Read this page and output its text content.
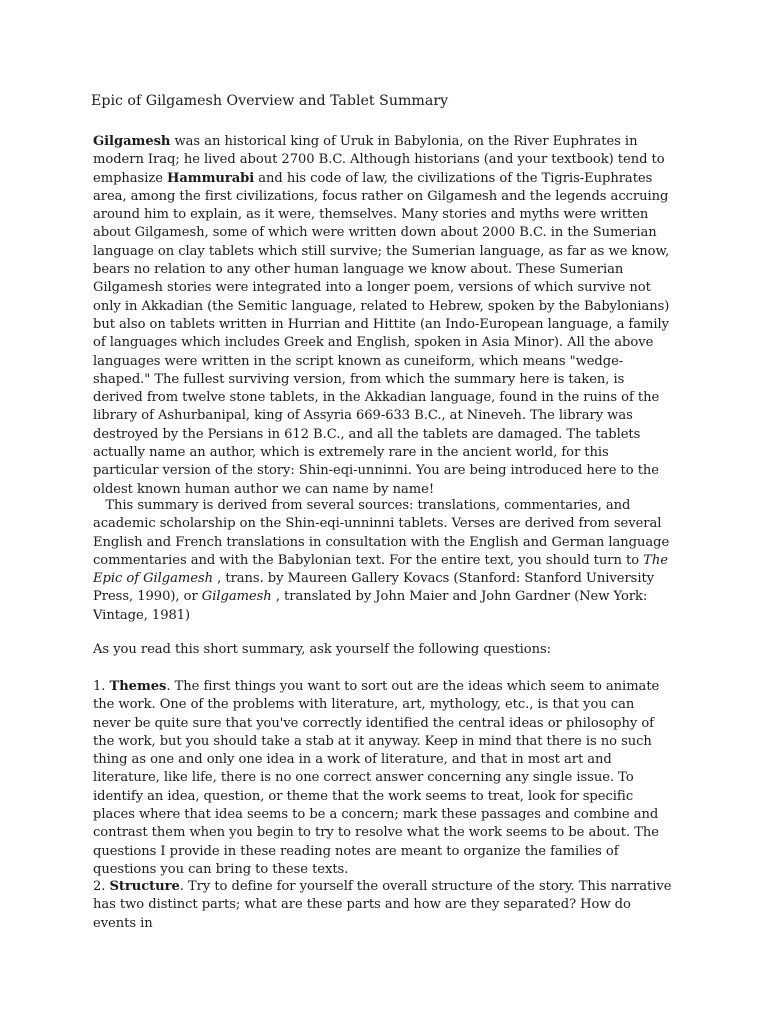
Epic of Gilgamesh Overview and Tablet Summary

Gilgamesh was an historical king of Uruk in Babylonia, on the River Euphrates in modern Iraq; he lived about 2700 B.C. Although historians (and your textbook) tend to emphasize Hammurabi and his code of law, the civilizations of the Tigris-Euphrates area, among the first civilizations, focus rather on Gilgamesh and the legends accruing around him to explain, as it were, themselves. Many stories and myths were written about Gilgamesh, some of which were written down about 2000 B.C. in the Sumerian language on clay tablets which still survive; the Sumerian language, as far as we know, bears no relation to any other human language we know about. These Sumerian Gilgamesh stories were integrated into a longer poem, versions of which survive not only in Akkadian (the Semitic language, related to Hebrew, spoken by the Babylonians) but also on tablets written in Hurrian and Hittite (an Indo-European language, a family of languages which includes Greek and English, spoken in Asia Minor). All the above languages were written in the script known as cuneiform, which means "wedge-shaped." The fullest surviving version, from which the summary here is taken, is derived from twelve stone tablets, in the Akkadian language, found in the ruins of the library of Ashurbanipal, king of Assyria 669-633 B.C., at Nineveh. The library was destroyed by the Persians in 612 B.C., and all the tablets are damaged. The tablets actually name an author, which is extremely rare in the ancient world, for this particular version of the story: Shin-eqi-unninni. You are being introduced here to the oldest known human author we can name by name!

This summary is derived from several sources: translations, commentaries, and academic scholarship on the Shin-eqi-unninni tablets. Verses are derived from several English and French translations in consultation with the English and German language commentaries and with the Babylonian text. For the entire text, you should turn to The Epic of Gilgamesh , trans. by Maureen Gallery Kovacs (Stanford: Stanford University Press, 1990), or Gilgamesh , translated by John Maier and John Gardner (New York: Vintage, 1981)

As you read this short summary, ask yourself the following questions:

1. Themes. The first things you want to sort out are the ideas which seem to animate the work. One of the problems with literature, art, mythology, etc., is that you can never be quite sure that you've correctly identified the central ideas or philosophy of the work, but you should take a stab at it anyway. Keep in mind that there is no such thing as one and only one idea in a work of literature, and that in most art and literature, like life, there is no one correct answer concerning any single issue. To identify an idea, question, or theme that the work seems to treat, look for specific places where that idea seems to be a concern; mark these passages and combine and contrast them when you begin to try to resolve what the work seems to be about. The questions I provide in these reading notes are meant to organize the families of questions you can bring to these texts.

2. Structure. Try to define for yourself the overall structure of the story. This narrative has two distinct parts; what are these parts and how are they separated? How do events in
